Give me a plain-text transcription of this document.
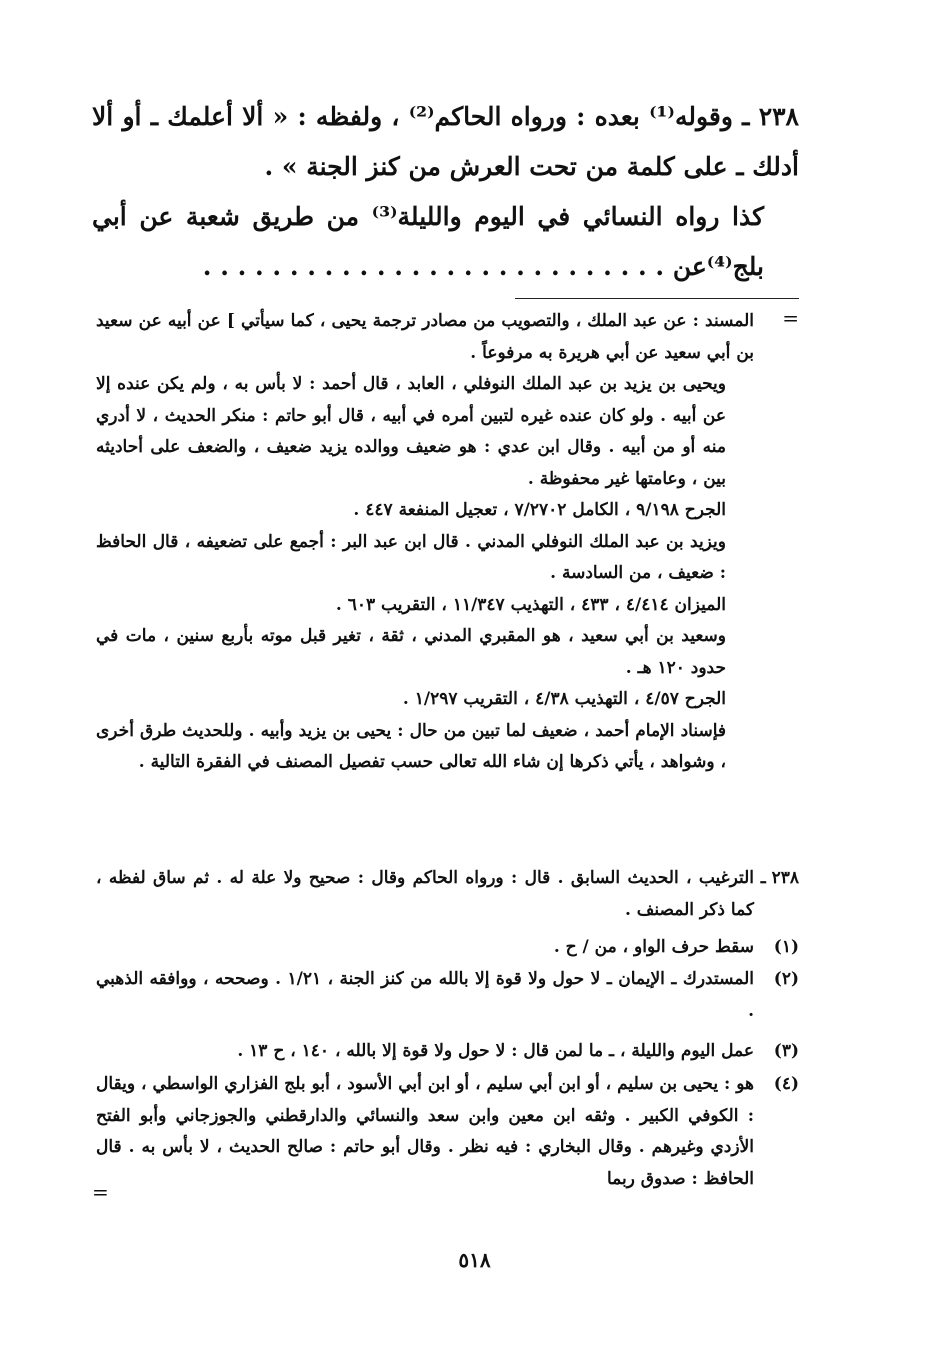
٢٣٨ ـ وقوله⁽¹⁾ بعده : ورواه الحاكم⁽²⁾ ، ولفظه : « ألا أعلمك ـ أو ألا أدلك ـ على كلمة من تحت العرش من كنز الجنة » .

كذا رواه النسائي في اليوم والليلة⁽³⁾ من طريق شعبة عن أبي بلج⁽⁴⁾عن . . . . . . . . . . . . . . . . . . . . . . . . . . .

=

المسند : عن عبد الملك ، والتصويب من مصادر ترجمة يحيى ، كما سيأتي ] عن أبيه عن سعيد بن أبي سعيد عن أبي هريرة به مرفوعاً .

ويحيى بن يزيد بن عبد الملك النوفلي ، العابد ، قال أحمد : لا بأس به ، ولم يكن عنده إلا عن أبيه . ولو كان عنده غيره لتبين أمره في أبيه ، قال أبو حاتم : منكر الحديث ، لا أدري منه أو من أبيه . وقال ابن عدي : هو ضعيف ووالده يزيد ضعيف ، والضعف على أحاديثه بين ، وعامتها غير محفوظة .

الجرح ٩/١٩٨ ، الكامل ٧/٢٧٠٢ ، تعجيل المنفعة ٤٤٧ .

ويزيد بن عبد الملك النوفلي المدني . قال ابن عبد البر : أجمع على تضعيفه ، قال الحافظ : ضعيف ، من السادسة .

الميزان ٤/٤١٤ ، ٤٣٣ ، التهذيب ١١/٣٤٧ ، التقريب ٦٠٣ .

وسعيد بن أبي سعيد ، هو المقبري المدني ، ثقة ، تغير قبل موته بأربع سنين ، مات في حدود ١٢٠ هـ .

الجرح ٤/٥٧ ، التهذيب ٤/٣٨ ، التقريب ١/٢٩٧ .

فإسناد الإمام أحمد ، ضعيف لما تبين من حال : يحيى بن يزيد وأبيه . وللحديث طرق أخرى ، وشواهد ، يأتي ذكرها إن شاء الله تعالى حسب تفصيل المصنف في الفقرة التالية .

٢٣٨ ـ
الترغيب ، الحديث السابق . قال : ورواه الحاكم وقال : صحيح ولا علة له . ثم ساق لفظه ، كما ذكر المصنف .
(١)
سقط حرف الواو ، من / ح .
(٢)
المستدرك ـ الإيمان ـ لا حول ولا قوة إلا بالله من كنز الجنة ، ١/٢١ . وصححه ، ووافقه الذهبي .
(٣)
عمل اليوم والليلة ، ـ ما لمن قال : لا حول ولا قوة إلا بالله ، ١٤٠ ، ح ١٣ .
(٤)
هو : يحيى بن سليم ، أو ابن أبي سليم ، أو ابن أبي الأسود ، أبو بلج الفزاري الواسطي ، ويقال : الكوفي الكبير . وثقه ابن معين وابن سعد والنسائي والدارقطني والجوزجاني وأبو الفتح الأزدي وغيرهم . وقال البخاري : فيه نظر . وقال أبو حاتم : صالح الحديث ، لا بأس به . قال الحافظ : صدوق ربما
=
٥١٨
